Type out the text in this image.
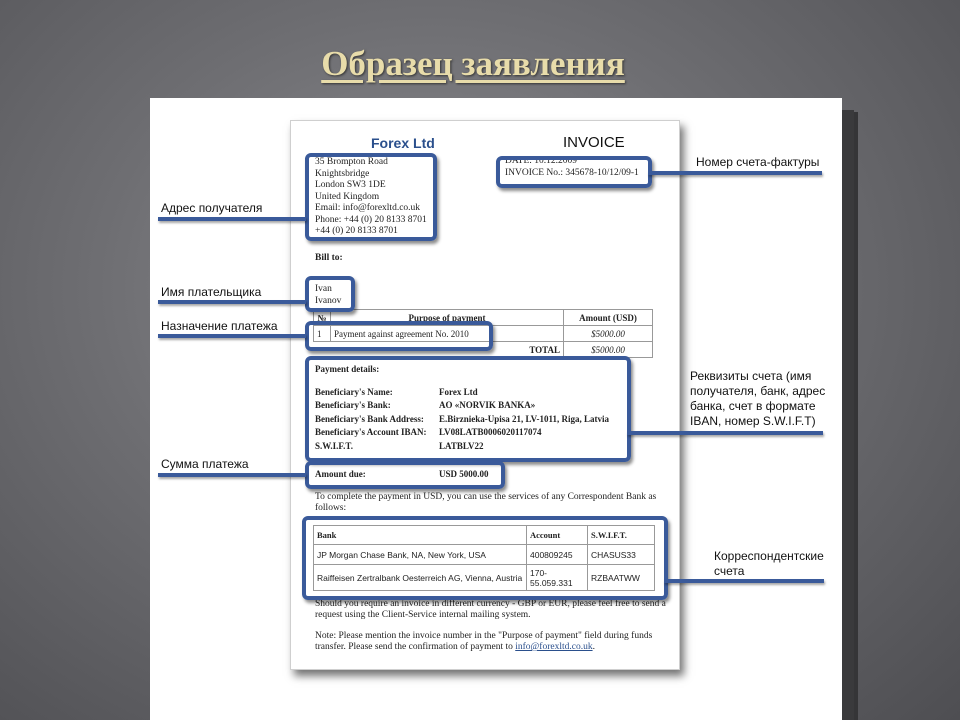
Образец заявления
Forex Ltd	INVOICE
35 Brompton Road
Knightsbridge
London SW3 1DE
United Kingdom
Email: info@forexltd.co.uk
Phone: +44 (0) 20 8133 8701
+44 (0) 20 8133 8701
DATE: 10.12.2009
INVOICE No.: 345678-10/12/09-1
Bill to:
Ivan
Ivanov
№	Purpose of payment	Amount (USD)
1	Payment against agreement No. 2010	$5000.00
	TOTAL	$5000.00
Payment details:
Beneficiary's Name:	Forex Ltd
Beneficiary's Bank:	AO «NORVIK BANKA»
Beneficiary's Bank Address: E.Birznieka-Upisa 21, LV-1011, Riga, Latvia
Beneficiary's Account IBAN: LV08LATB0006020117074
S.W.I.F.T.	LATBLV22
Amount due:	USD 5000.00
To complete the payment in USD, you can use the services of any Correspondent Bank as follows:
Bank	Account	S.W.I.F.T.
JP Morgan Chase Bank, NA, New York, USA	400809245	CHASUS33
Raiffeisen Zertralbank Oesterreich AG, Vienna, Austria	170-55.059.331	RZBAATWW
Should you require an invoice in different currency - GBP or EUR, please feel free to send a request using the Client-Service internal mailing system.
Note: Please mention the invoice number in the "Purpose of payment" field during funds transfer. Please send the confirmation of payment to info@forexltd.co.uk.
Номер счета-фактуры
Адрес получателя
Имя плательщика
Назначение платежа
Реквизиты счета (имя получателя, банк, адрес банка, счет в формате IBAN, номер S.W.I.F.T)
Сумма платежа
Корреспондентские счета
